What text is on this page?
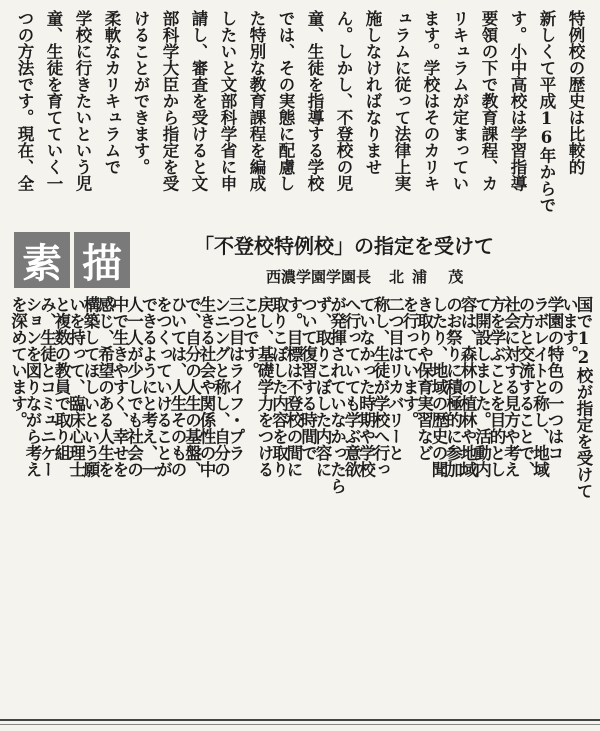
特例校の歴史は比較的
新しくて平成16年からで
す。小中高校は学習指導
要領の下で教育課程、カ
リキュラムが定まってい
ます。学校はそのカリキ
ュラムに従って法律上実
施しなければなりませ
ん。しかし、不登校の児
童、生徒を指導する学校
では、その実態に配慮し
た特別な教育課程を編成
したいと文部科学省に申
請し、審査を受けると文
部科学大臣から指定を受
けることができます。
柔軟なカリキュラムで
学校に行きたいという児
童、生徒を育てていく一
つの方法です。現在、全
素 描	「不登校特例校」の指定を受けて
西濃学園学園長 北浦 茂
国で12校が指定を受けて
います。
学園の特色の一つはコ
ラボレイトと称し、地域
の方と交流することで、
社会に対する見方や考え
方を学ぶことを目的とし
て開設しました。活動内
容は、森林の植林や地域
のお祭りに積極的に参加
したり、地域の歴史の聞
き取りや保育実習など
を行っています。
二つ目はリカバリーと
称し、生徒が学校へ行っ
ていなかった時期や学校
へ行っていても学ぶ意欲
が発揮されていなかったら
ず、取りこぼした内容に
ついて復習する時間で
す。目標は不登校の間に
取りこぼした内容を取り
戻し、基礎学力をつける
ことです。
三つ目はライフ・プラ
ンニングと称し、自分の
生きる社会や関係性の中
で、自分の人生の基盤、
ひいては、人生そのもの
をつくっていけることが
できるようにと考え、一
人一人が少しでも社会の
中で生きやすく、幸せを
感じ、希望のある人生を
構築してほしいという願
いを持って、臨床心理士
と複数の教員で取り組
み、生徒とコミュニケー
ションを図りながら考え
を深めています。
